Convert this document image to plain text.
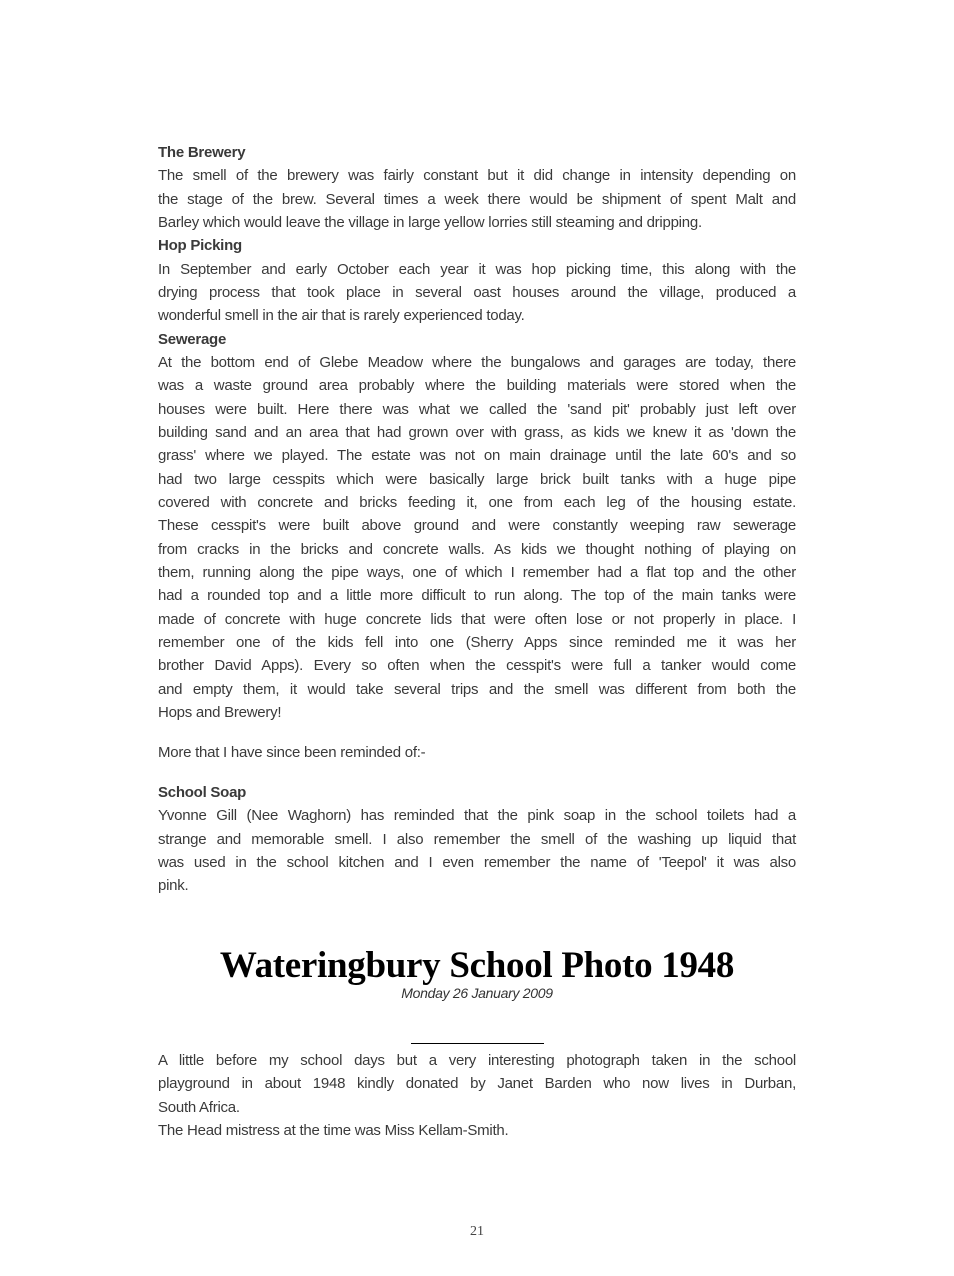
The Brewery
The smell of the brewery was fairly constant but it did change in intensity depending on
the stage of the brew. Several times a week there would be shipment of spent Malt and
Barley which would leave the village in large yellow lorries still steaming and dripping.
Hop Picking
In September and early October each year it was hop picking time, this along with the
drying process that took place in several oast houses around the village, produced a
wonderful smell in the air that is rarely experienced today.
Sewerage
At the bottom end of Glebe Meadow where the bungalows and garages are today, there
was a waste ground area probably where the building materials were stored when the
houses were built. Here there was what we called the 'sand pit' probably just left over
building sand and an area that had grown over with grass, as kids we knew it as 'down the
grass' where we played. The estate was not on main drainage until the late 60's and so
had two large cesspits which were basically large brick built tanks with a huge pipe
covered with concrete and bricks feeding it, one from each leg of the housing estate.
These cesspit's were built above ground and were constantly weeping raw sewerage
from cracks in the bricks and concrete walls. As kids we thought nothing of playing on
them, running along the pipe ways, one of which I remember had a flat top and the other
had a rounded top and a little more difficult to run along. The top of the main tanks were
made of concrete with huge concrete lids that were often lose or not properly in place. I
remember one of the kids fell into one (Sherry Apps since reminded me it was her
brother David Apps). Every so often when the cesspit's were full a tanker would come
and empty them, it would take several trips and the smell was different from both the
Hops and Brewery!
More that I have since been reminded of:-
School Soap
Yvonne Gill (Nee Waghorn) has reminded that the pink soap in the school toilets had a
strange and memorable smell. I also remember the smell of the washing up liquid that
was used in the school kitchen and I even remember the name of 'Teepol' it was also
pink.
Wateringbury School Photo 1948
Monday 26 January 2009
A little before my school days but a very interesting photograph taken in the school
playground in about 1948 kindly donated by Janet Barden who now lives in Durban,
South Africa.
The Head mistress at the time was Miss Kellam-Smith.
21
